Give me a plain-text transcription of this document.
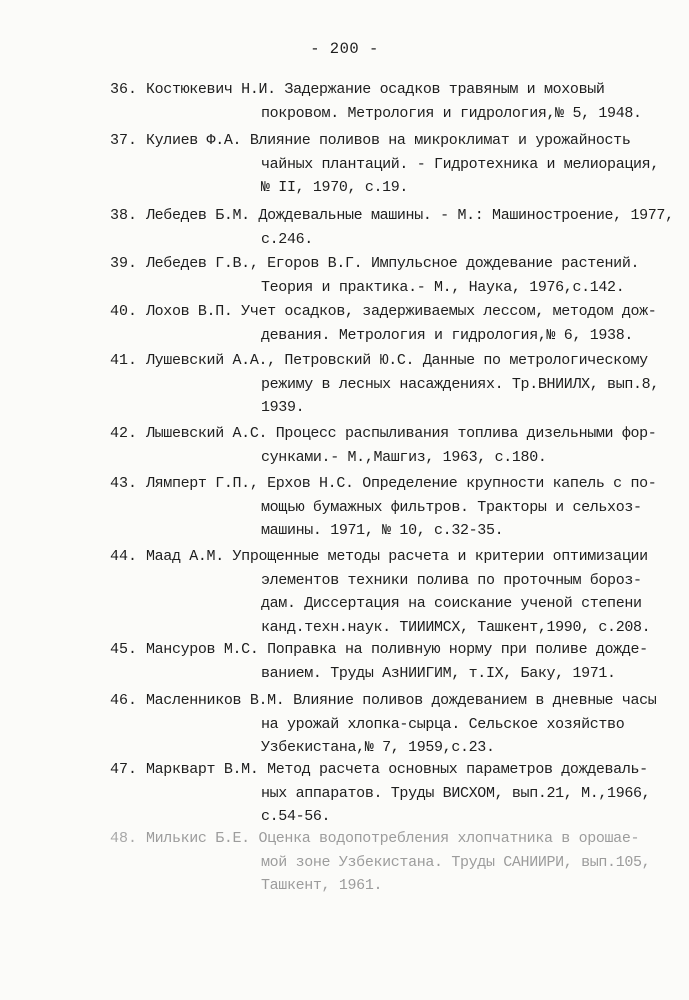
- 200 -
36. Костюкевич Н.И. Задержание осадков травяным и моховый
покровом. Метрология и гидрология,№ 5, 1948.
37. Кулиев Ф.А. Влияние поливов на микроклимат и урожайность
чайных плантаций. - Гидротехника и мелиорация,
№ II, 1970, с.19.
38. Лебедев Б.М. Дождевальные машины. - М.: Машиностроение, 1977,
с.246.
39. Лебедев Г.В., Егоров В.Г. Импульсное дождевание растений.
Теория и практика.- М., Наука, 1976,с.142.
40. Лохов В.П. Учет осадков, задерживаемых лессом, методом дож-
девания. Метрология и гидрология,№ 6, 1938.
41. Лушевский А.А., Петровский Ю.С. Данные по метрологическому
режиму в лесных насаждениях. Тр.ВНИИЛХ, вып.8,
1939.
42. Лышевский А.С. Процесс распыливания топлива дизельными фор-
сунками.- М.,Машгиз, 1963, с.180.
43. Лямперт Г.П., Ерхов Н.С. Определение крупности капель с по-
мощью бумажных фильтров. Тракторы и сельхоз-
машины. 1971, № 10, с.32-35.
44. Маад А.М. Упрощенные методы расчета и критерии оптимизации
элементов техники полива по проточным бороз-
дам. Диссертация на соискание ученой степени
канд.техн.наук. ТИИИМСХ, Ташкент,1990, с.208.
45. Мансуров М.С. Поправка на поливную норму при поливе дожде-
ванием. Труды АзНИИГИМ, т.IX, Баку, 1971.
46. Масленников В.М. Влияние поливов дождеванием в дневные часы
на урожай хлопка-сырца. Сельское хозяйство
Узбекистана,№ 7, 1959,с.23.
47. Маркварт В.М. Метод расчета основных параметров дождеваль-
ных аппаратов. Труды ВИСХОМ, вып.21, М.,1966,
с.54-56.
48. Милькис Б.Е. Оценка водопотребления хлопчатника в орошае-
мой зоне Узбекистана. Труды САНИИРИ, вып.105,
Ташкент, 1961.
